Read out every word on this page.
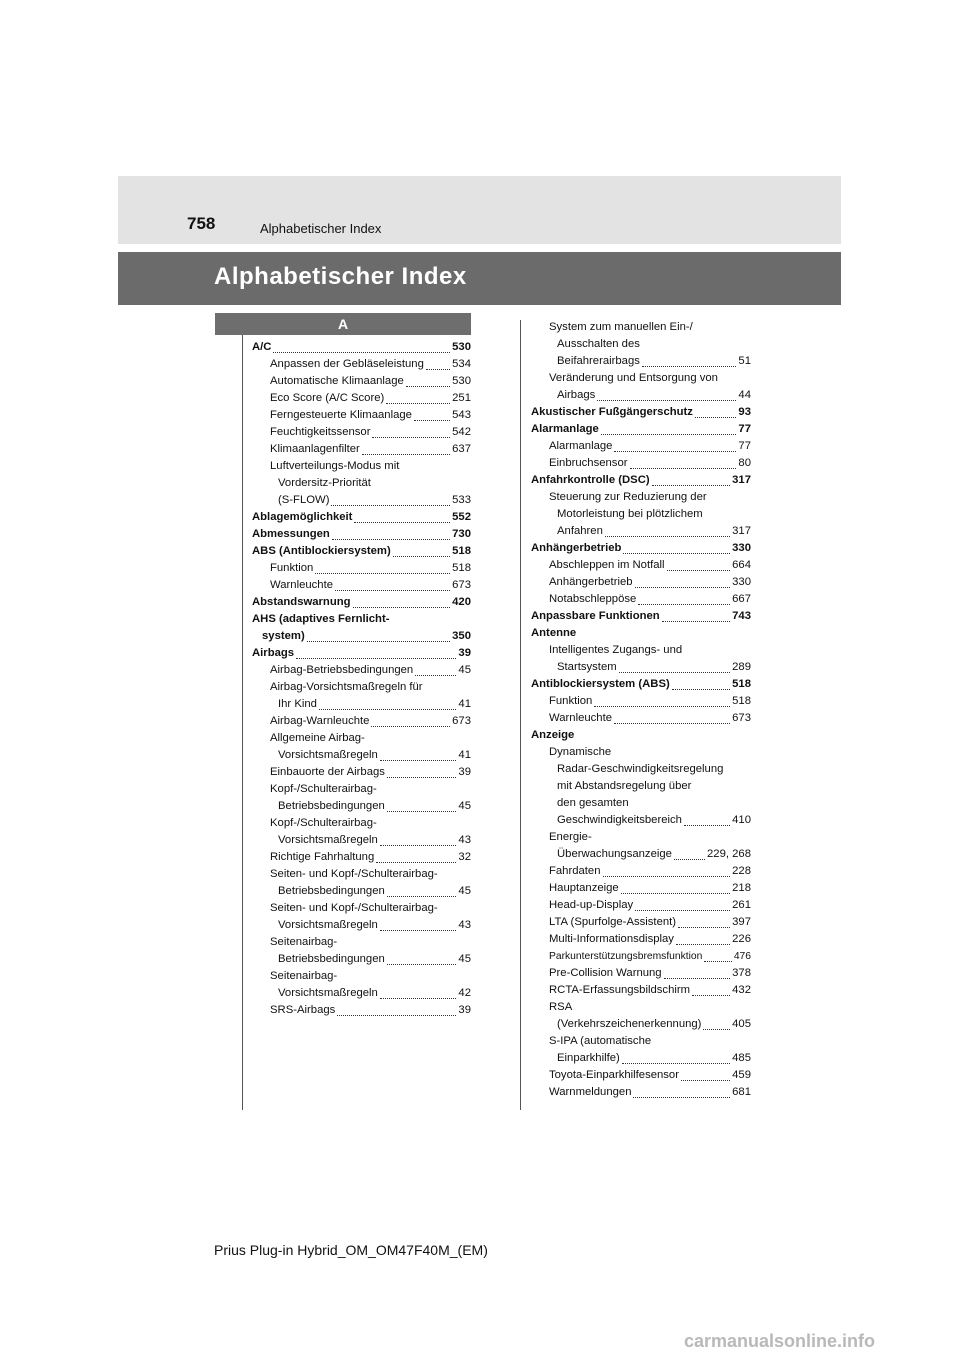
758	Alphabetischer Index
Alphabetischer Index
A
A/C	530
Anpassen der Gebläseleistung	534
Automatische Klimaanlage	530
Eco Score (A/C Score)	251
Ferngesteuerte Klimaanlage	543
Feuchtigkeitssensor	542
Klimaanlagenfilter	637
Luftverteilungs-Modus mit
Vordersitz-Priorität
(S-FLOW)	533
Ablagemöglichkeit	552
Abmessungen	730
ABS (Antiblockiersystem)	518
Funktion	518
Warnleuchte	673
Abstandswarnung	420
AHS (adaptives Fernlicht-
system)	350
Airbags	39
Airbag-Betriebsbedingungen	45
Airbag-Vorsichtsmaßregeln für
Ihr Kind	41
Airbag-Warnleuchte	673
Allgemeine Airbag-
Vorsichtsmaßregeln	41
Einbauorte der Airbags	39
Kopf-/Schulterairbag-
Betriebsbedingungen	45
Kopf-/Schulterairbag-
Vorsichtsmaßregeln	43
Richtige Fahrhaltung	32
Seiten- und Kopf-/Schulterairbag-
Betriebsbedingungen	45
Seiten- und Kopf-/Schulterairbag-
Vorsichtsmaßregeln	43
Seitenairbag-
Betriebsbedingungen	45
Seitenairbag-
Vorsichtsmaßregeln	42
SRS-Airbags	39
System zum manuellen Ein-/
Ausschalten des
Beifahrerairbags	51
Veränderung und Entsorgung von
Airbags	44
Akustischer Fußgängerschutz	93
Alarmanlage	77
Alarmanlage	77
Einbruchsensor	80
Anfahrkontrolle (DSC)	317
Steuerung zur Reduzierung der
Motorleistung bei plötzlichem
Anfahren	317
Anhängerbetrieb	330
Abschleppen im Notfall	664
Anhängerbetrieb	330
Notabschleppöse	667
Anpassbare Funktionen	743
Antenne
Intelligentes Zugangs- und
Startsystem	289
Antiblockiersystem (ABS)	518
Funktion	518
Warnleuchte	673
Anzeige
Dynamische
Radar-Geschwindigkeitsregelung
mit Abstandsregelung über
den gesamten
Geschwindigkeitsbereich	410
Energie-
Überwachungsanzeige	229, 268
Fahrdaten	228
Hauptanzeige	218
Head-up-Display	261
LTA (Spurfolge-Assistent)	397
Multi-Informationsdisplay	226
Parkunterstützungsbremsfunktion	476
Pre-Collision Warnung	378
RCTA-Erfassungsbildschirm	432
RSA
(Verkehrszeichenerkennung)	405
S-IPA (automatische
Einparkhilfe)	485
Toyota-Einparkhilfesensor	459
Warnmeldungen	681
Prius Plug-in Hybrid_OM_OM47F40M_(EM)
carmanualsonline.info
